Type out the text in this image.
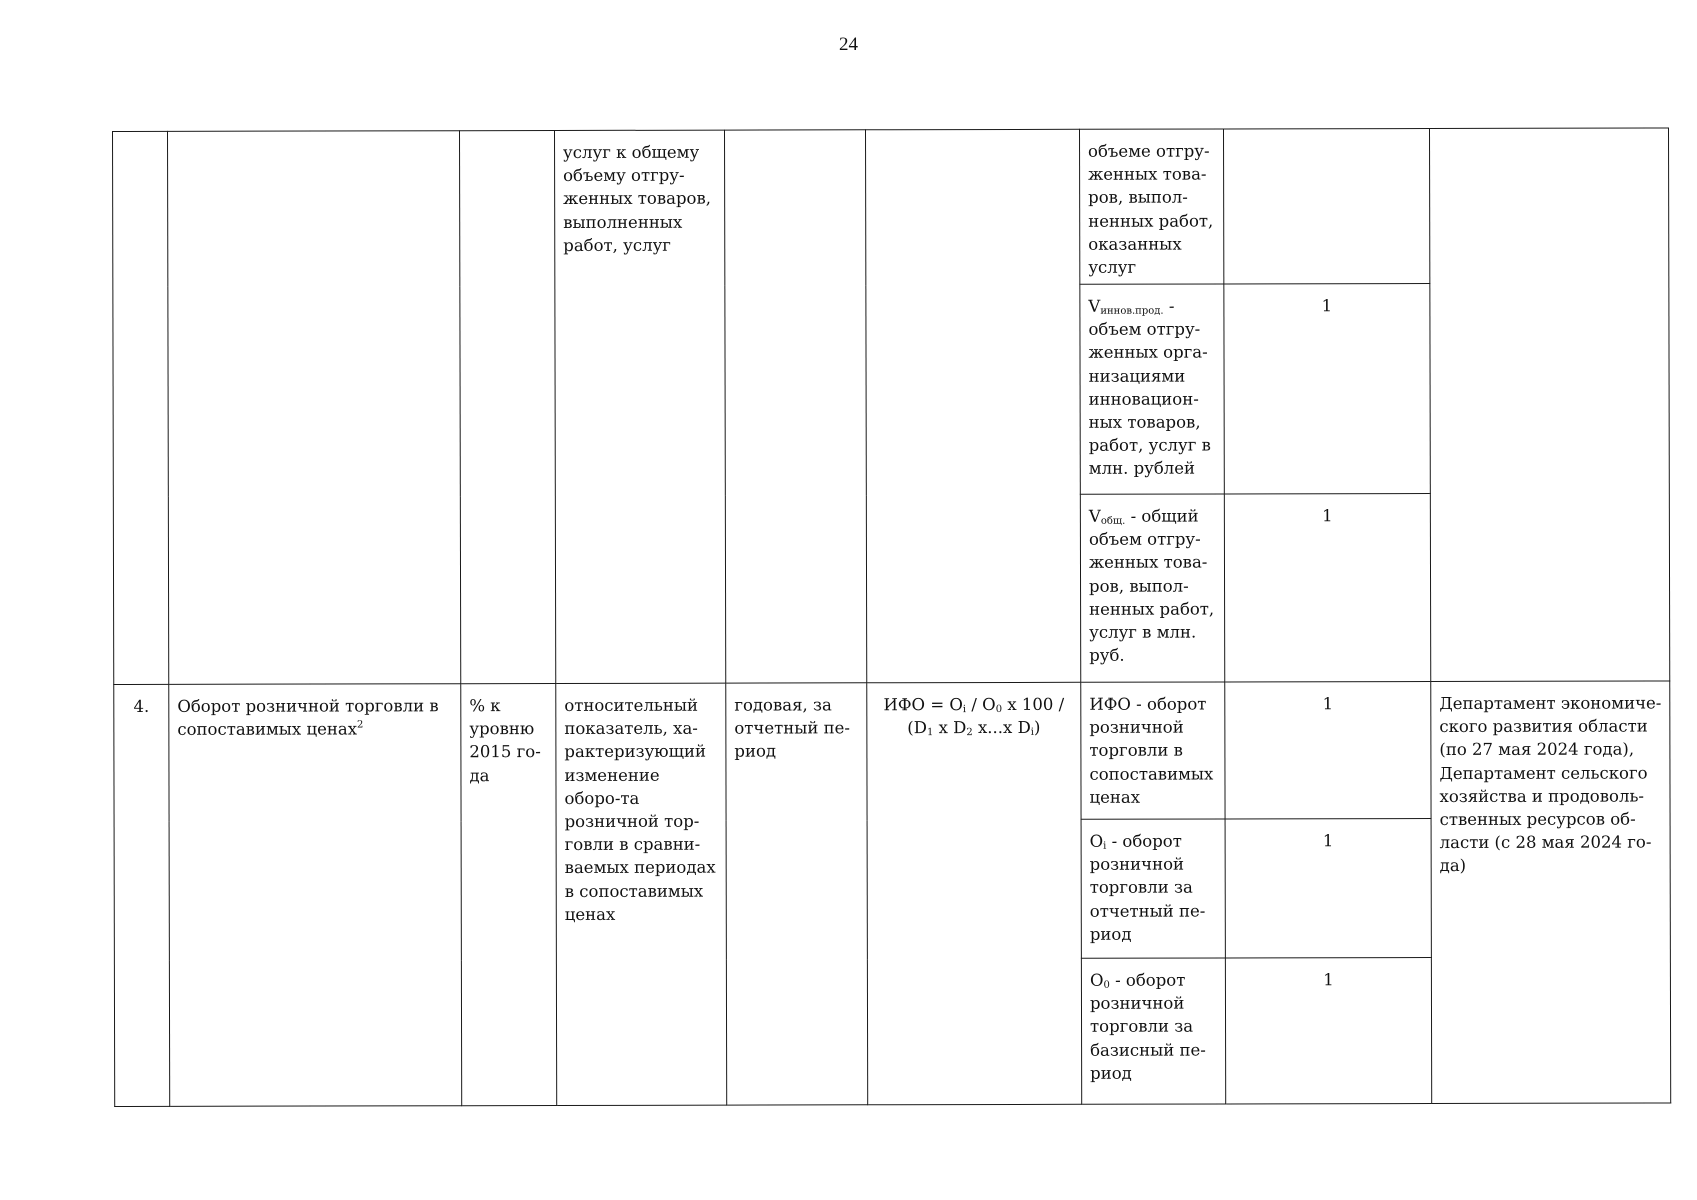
24
			услуг к общему объему отгру-женных товаров, выполненных работ, услуг			объеме отгру-женных това-ров, выпол-ненных работ, оказанных услуг		
						$V_{иннов.прод.}$ - объем отгру-женных орга-низациями инновацион-ных товаров, работ, услуг в млн. рублей	1	
						$V_{общ.}$ - общий объем отгру-женных това-ров, выпол-ненных работ, услуг в млн. руб.	1	
4.	Оборот розничной торговли в сопоставимых ценах$^2$	% к уровню 2015 го-да	относительный показатель, ха-рактеризующий изменение оборо-та розничной тор-говли в сравни-ваемых периодах в сопоставимых ценах	годовая, за отчетный пе-риод	ИФО = $O_i / O_0$ x $100 / (D_1$ x $D_2$ x...x $D_i$)	ИФО - оборот розничной торговли в сопоставимых ценах	1	Департамент экономиче-ского развития области (по 27 мая 2024 года), Департамент сельского хозяйства и продоволь-ственных ресурсов об-ласти (с 28 мая 2024 го-да)
						$O_i$ - оборот розничной торговли за отчетный пе-риод	1	
						$O_0$ - оборот розничной торговли за базисный пе-риод	1	
